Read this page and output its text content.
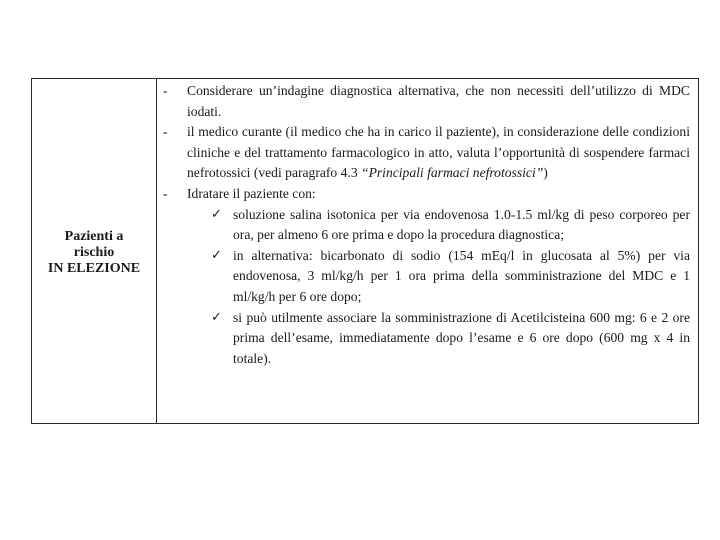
Pazienti a
rischio
IN ELEZIONE

- Considerare un’indagine diagnostica alternativa, che non necessiti dell’utilizzo di MDC iodati.
- il medico curante (il medico che ha in carico il paziente), in considerazione delle condizioni cliniche e del trattamento farmacologico in atto, valuta l’opportunità di sospendere farmaci nefrotossici (vedi paragrafo 4.3 “Principali farmaci nefrotossici”)
- Idratare il paziente con:
✓ soluzione salina isotonica per via endovenosa 1.0-1.5 ml/kg di peso corporeo per ora, per almeno 6 ore prima e dopo la procedura diagnostica;
✓ in alternativa: bicarbonato di sodio (154 mEq/l in glucosata al 5%) per via endovenosa, 3 ml/kg/h per 1 ora prima della somministrazione del MDC e 1 ml/kg/h per 6 ore dopo;
✓ si può utilmente associare la somministrazione di Acetilcisteina 600 mg: 6 e 2 ore prima dell’esame, immediatamente dopo l’esame e 6 ore dopo (600 mg x 4 in totale).
